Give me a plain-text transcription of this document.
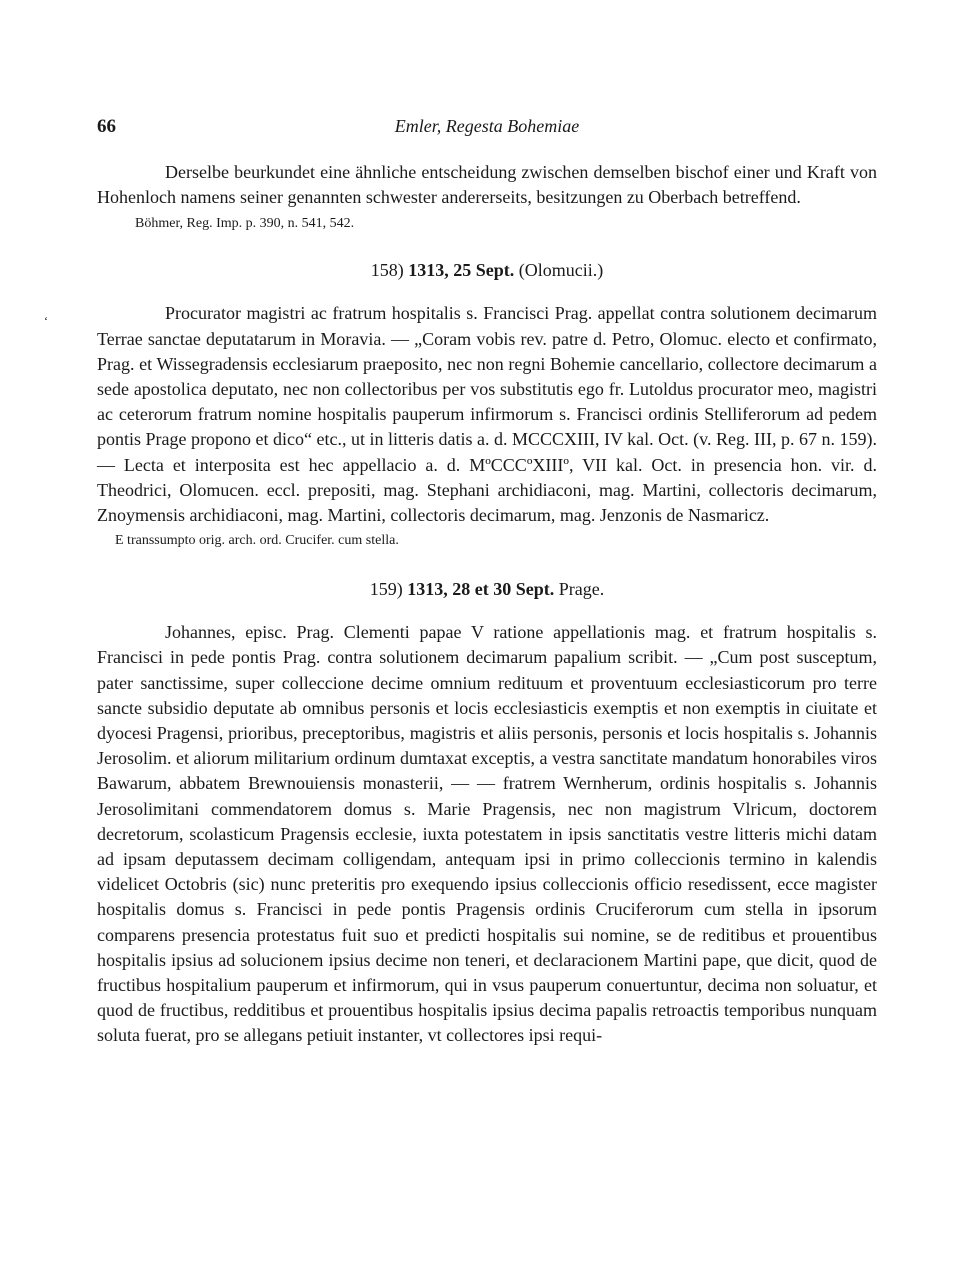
66	Emler, Regesta Bohemiae
‘

Derselbe beurkundet eine ähnliche entscheidung zwischen demselben bischof einer und Kraft von Hohenloch namens seiner genannten schwester andererseits, besitzungen zu Oberbach betreffend.

Böhmer, Reg. Imp. p. 390, n. 541, 542.

158) 1313, 25 Sept. (Olomucii.)

Procurator magistri ac fratrum hospitalis s. Francisci Prag. appellat contra solutionem decimarum Terrae sanctae deputatarum in Moravia. — „Coram vobis rev. patre d. Petro, Olomuc. electo et confirmato, Prag. et Wissegradensis ecclesiarum praeposito, nec non regni Bohemie cancellario, collectore decimarum a sede apostolica deputato, nec non collectoribus per vos substitutis ego fr. Lutoldus procurator meo, magistri ac ceterorum fratrum nomine hospitalis pauperum infirmorum s. Francisci ordinis Stelliferorum ad pedem pontis Prage propono et dico“ etc., ut in litteris datis a. d. MCCCXIII, IV kal. Oct. (v. Reg. III, p. 67 n. 159). — Lecta et interposita est hec appellacio a. d. MºCCCºXIIIº, VII kal. Oct. in presencia hon. vir. d. Theodrici, Olomucen. eccl. prepositi, mag. Stephani archidiaconi, mag. Martini, collectoris decimarum, Znoymensis archidiaconi, mag. Martini, collectoris decimarum, mag. Jenzonis de Nasmaricz.

E transsumpto orig. arch. ord. Crucifer. cum stella.

159) 1313, 28 et 30 Sept. Prage.

Johannes, episc. Prag. Clementi papae V ratione appellationis mag. et fratrum hospitalis s. Francisci in pede pontis Prag. contra solutionem decimarum papalium scribit. — „Cum post susceptum, pater sanctissime, super colleccione decime omnium redituum et proventuum ecclesiasticorum pro terre sancte subsidio deputate ab omnibus personis et locis ecclesiasticis exemptis et non exemptis in ciuitate et dyocesi Pragensi, prioribus, preceptoribus, magistris et aliis personis, personis et locis hospitalis s. Johannis Jerosolim. et aliorum militarium ordinum dumtaxat exceptis, a vestra sanctitate mandatum honorabiles viros Bawarum, abbatem Brewnouiensis monasterii, — — fratrem Wernherum, ordinis hospitalis s. Johannis Jerosolimitani commendatorem domus s. Marie Pragensis, nec non magistrum Vlricum, doctorem decretorum, scolasticum Pragensis ecclesie, iuxta potestatem in ipsis sanctitatis vestre litteris michi datam ad ipsam deputassem decimam colligendam, antequam ipsi in primo colleccionis termino in kalendis videlicet Octobris (sic) nunc preteritis pro exequendo ipsius colleccionis officio resedissent, ecce magister hospitalis domus s. Francisci in pede pontis Pragensis ordinis Cruciferorum cum stella in ipsorum comparens presencia protestatus fuit suo et predicti hospitalis sui nomine, se de reditibus et prouentibus hospitalis ipsius ad solucionem ipsius decime non teneri, et declaracionem Martini pape, que dicit, quod de fructibus hospitalium pauperum et infirmorum, qui in vsus pauperum conuertuntur, decima non soluatur, et quod de fructibus, redditibus et prouentibus hospitalis ipsius decima papalis retroactis temporibus nunquam soluta fuerat, pro se allegans petiuit instanter, vt collectores ipsi requi-
